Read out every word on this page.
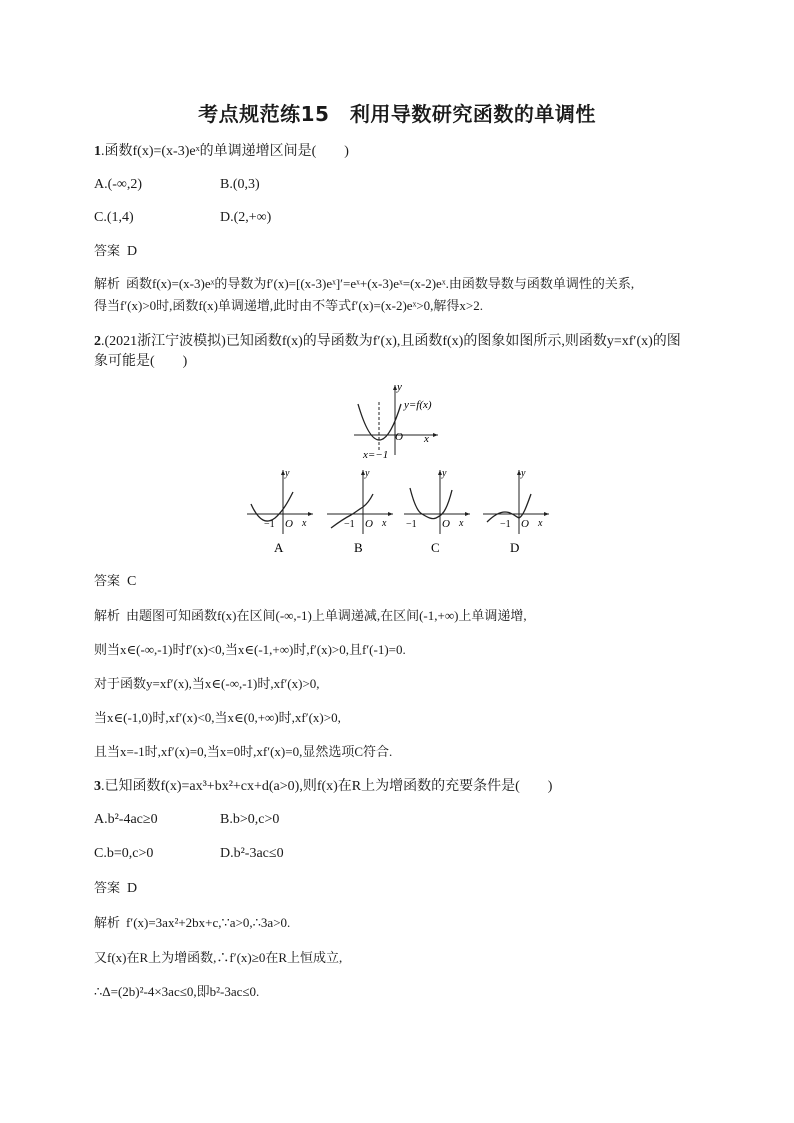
考点规范练15　利用导数研究函数的单调性
1.函数f(x)=(x-3)eˣ的单调递增区间是(　　)
A.(-∞,2)	B.(0,3)
C.(1,4)	D.(2,+∞)
答案 D
解析 函数f(x)=(x-3)eˣ的导数为f′(x)=[(x-3)eˣ]′=eˣ+(x-3)eˣ=(x-2)eˣ.由函数导数与函数单调性的关系,
得当f′(x)>0时,函数f(x)单调递增,此时由不等式f′(x)=(x-2)eˣ>0,解得x>2.
2.(2021浙江宁波模拟)已知函数f(x)的导函数为f′(x),且函数f(x)的图象如图所示,则函数y=xf′(x)的图
象可能是(　　)
y
y=f(x)
O x
x=−1
y
−1 O x
A
y
−1 O x
B
y
−1 O x
C
y
−1 O x
D
答案 C
解析 由题图可知函数f(x)在区间(-∞,-1)上单调递减,在区间(-1,+∞)上单调递增,
则当x∈(-∞,-1)时f′(x)<0,当x∈(-1,+∞)时,f′(x)>0,且f′(-1)=0.
对于函数y=xf′(x),当x∈(-∞,-1)时,xf′(x)>0,
当x∈(-1,0)时,xf′(x)<0,当x∈(0,+∞)时,xf′(x)>0,
且当x=-1时,xf′(x)=0,当x=0时,xf′(x)=0,显然选项C符合.
3.已知函数f(x)=ax³+bx²+cx+d(a>0),则f(x)在R上为增函数的充要条件是(　　)
A.b²-4ac≥0	B.b>0,c>0
C.b=0,c>0	D.b²-3ac≤0
答案 D
解析 f′(x)=3ax²+2bx+c,∵a>0,∴3a>0.
又f(x)在R上为增函数,∴f′(x)≥0在R上恒成立,
∴Δ=(2b)²-4×3ac≤0,即b²-3ac≤0.
